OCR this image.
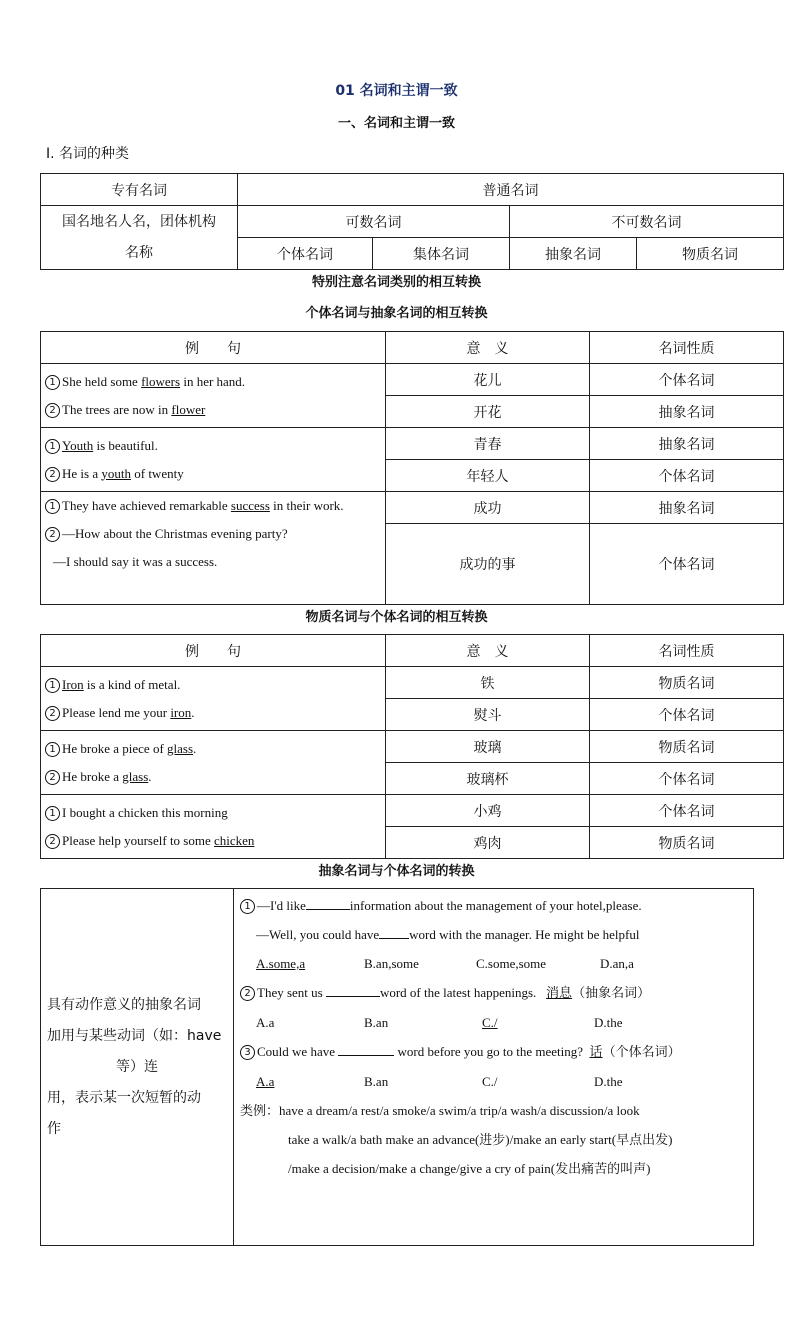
01 名词和主谓一致
一、名词和主谓一致
I. 名词的种类
专有名词	普通名词			

国名地名人名，团体机构
名称	可数名词		不可数名词	
	个体名词	集体名词	抽象名词	物质名词
特别注意名词类别的相互转换
个体名词与抽象名词的相互转换
例　　句	意　义	名词性质

1 She held some flowers in her hand.
2 The trees are now in flower	花儿	个体名词
	开花	抽象名词

1 Youth is beautiful.
2 He is a youth of twenty	青春	抽象名词
	年轻人	个体名词

1 They have achieved remarkable success in their work.
2 —How about the Christmas evening party?
—I should say it was a success.	成功	抽象名词
	成功的事	个体名词
物质名词与个体名词的相互转换
例　　句	意　义	名词性质

1 Iron is a kind of metal.
2 Please lend me your iron.	铁	物质名词
	熨斗	个体名词

1 He broke a piece of glass.
2 He broke a glass.	玻璃	物质名词
	玻璃杯	个体名词

1 I bought a chicken this morning
2 Please help yourself to some chicken	小鸡	个体名词
	鸡肉	物质名词
抽象名词与个体名词的转换
具有动作意义的抽象名词
加用与某些动词（如：have
等）连
用，表示某一次短暂的动
作

1 —I'd like	information about the management of your hotel,please.
—Well, you could have word with the manager. He might be helpful
A.some,a	B.an,some	C.some,some	D.an,a
2 They sent us	word of the latest happenings. 消息（抽象名词）
A.a	B.an	C./	D.the
3 Could we have	word before you go to the meeting? 话（个体名词）
A.a	B.an	C./	D.the
类例：have a dream/a rest/a smoke/a swim/a trip/a wash/a discussion/a look
take a walk/a bath make an advance(进步)/make an early start(早点出发)
/make a decision/make a change/give a cry of pain(发出痛苦的叫声)
